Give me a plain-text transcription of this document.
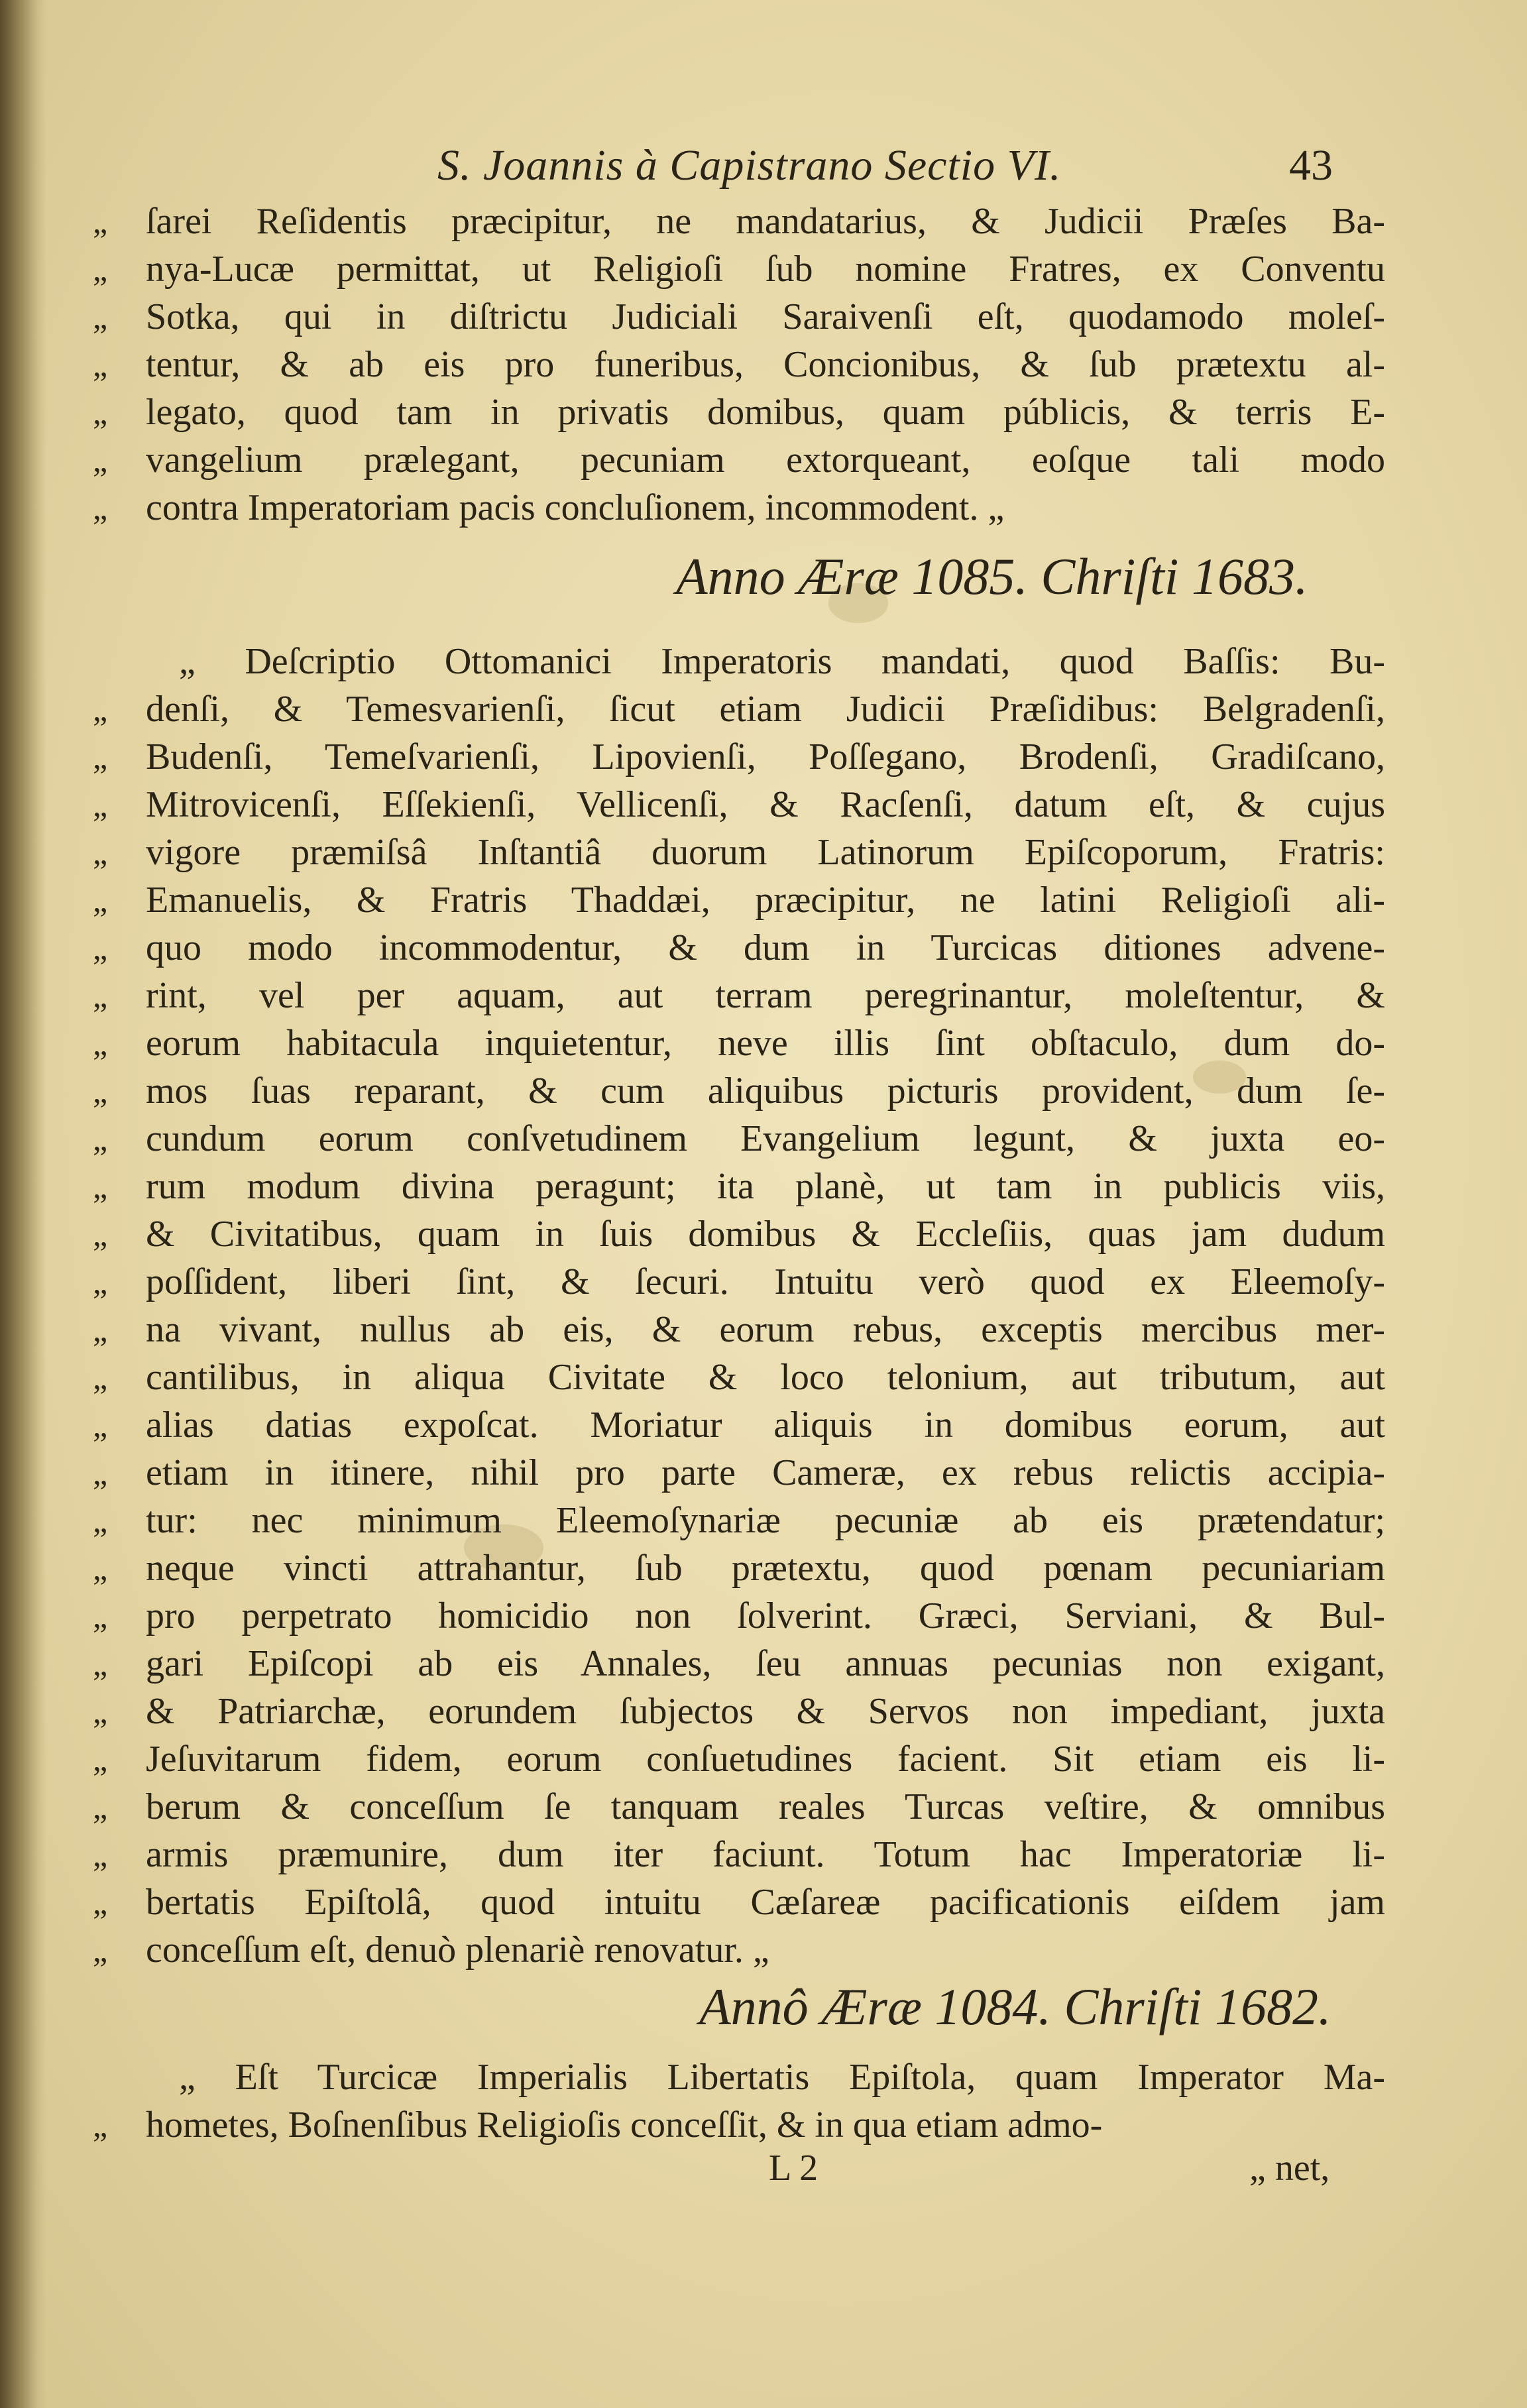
S. Joannis à Capistrano Sectio VI.	43
„	ſarei Reſidentis præcipitur, ne mandatarius, & Judicii Præſes Ba-
„	nya-Lucæ permittat, ut Religioſi ſub nomine Fratres, ex Conventu
„	Sotka, qui in diſtrictu Judiciali Saraivenſi eſt, quodamodo moleſ-
„	tentur, & ab eis pro funeribus, Concionibus, & ſub prætextu al-
„	legato, quod tam in privatis domibus, quam públicis, & terris E-
„	vangelium prælegant, pecuniam extorqueant, eoſque tali modo
„	contra Imperatoriam pacis concluſionem, incommodent. „
Anno Æræ 1085. Chriſti 1683.
„ Deſcriptio Ottomanici Imperatoris mandati, quod Baſſis: Bu-
„	denſi, & Temesvarienſi, ſicut etiam Judicii Præſidibus: Belgradenſi,
„	Budenſi, Temeſvarienſi, Lipovienſi, Poſſegano, Brodenſi, Gradiſcano,
„	Mitrovicenſi, Eſſekienſi, Vellicenſi, & Racſenſi, datum eſt, & cujus
„	vigore præmiſsâ Inſtantiâ duorum Latinorum Epiſcoporum, Fratris:
„	Emanuelis, & Fratris Thaddæi, præcipitur, ne latini Religioſi ali-
„	quo modo incommodentur, & dum in Turcicas ditiones advene-
„	rint, vel per aquam, aut terram peregrinantur, moleſtentur, &
„	eorum habitacula inquietentur, neve illis ſint obſtaculo, dum do-
„	mos ſuas reparant, & cum aliquibus picturis provident, dum ſe-
„	cundum eorum conſvetudinem Evangelium legunt, & juxta eo-
„	rum modum divina peragunt; ita planè, ut tam in publicis viis,
„	& Civitatibus, quam in ſuis domibus & Eccleſiis, quas jam dudum
„	poſſident, liberi ſint, & ſecuri. Intuitu verò quod ex Eleemoſy-
„	na vivant, nullus ab eis, & eorum rebus, exceptis mercibus mer-
„	cantilibus, in aliqua Civitate & loco telonium, aut tributum, aut
„	alias datias expoſcat. Moriatur aliquis in domibus eorum, aut
„	etiam in itinere, nihil pro parte Cameræ, ex rebus relictis accipia-
„	tur: nec minimum Eleemoſynariæ pecuniæ ab eis prætendatur;
„	neque vincti attrahantur, ſub prætextu, quod pœnam pecuniariam
„	pro perpetrato homicidio non ſolverint. Græci, Serviani, & Bul-
„	gari Epiſcopi ab eis Annales, ſeu annuas pecunias non exigant,
„	& Patriarchæ, eorundem ſubjectos & Servos non impediant, juxta
„	Jeſuvitarum fidem, eorum conſuetudines facient. Sit etiam eis li-
„	berum & conceſſum ſe tanquam reales Turcas veſtire, & omnibus
„	armis præmunire, dum iter faciunt. Totum hac Imperatoriæ li-
„	bertatis Epiſtolâ, quod intuitu Cæſareæ pacificationis eiſdem jam
„	conceſſum eſt, denuò plenariè renovatur. „
Annô Æræ 1084. Chriſti 1682.
„ Eſt Turcicæ Imperialis Libertatis Epiſtola, quam Imperator Ma-
„	hometes, Boſnenſibus Religioſis conceſſit, & in qua etiam admo-
L 2	„ net,
